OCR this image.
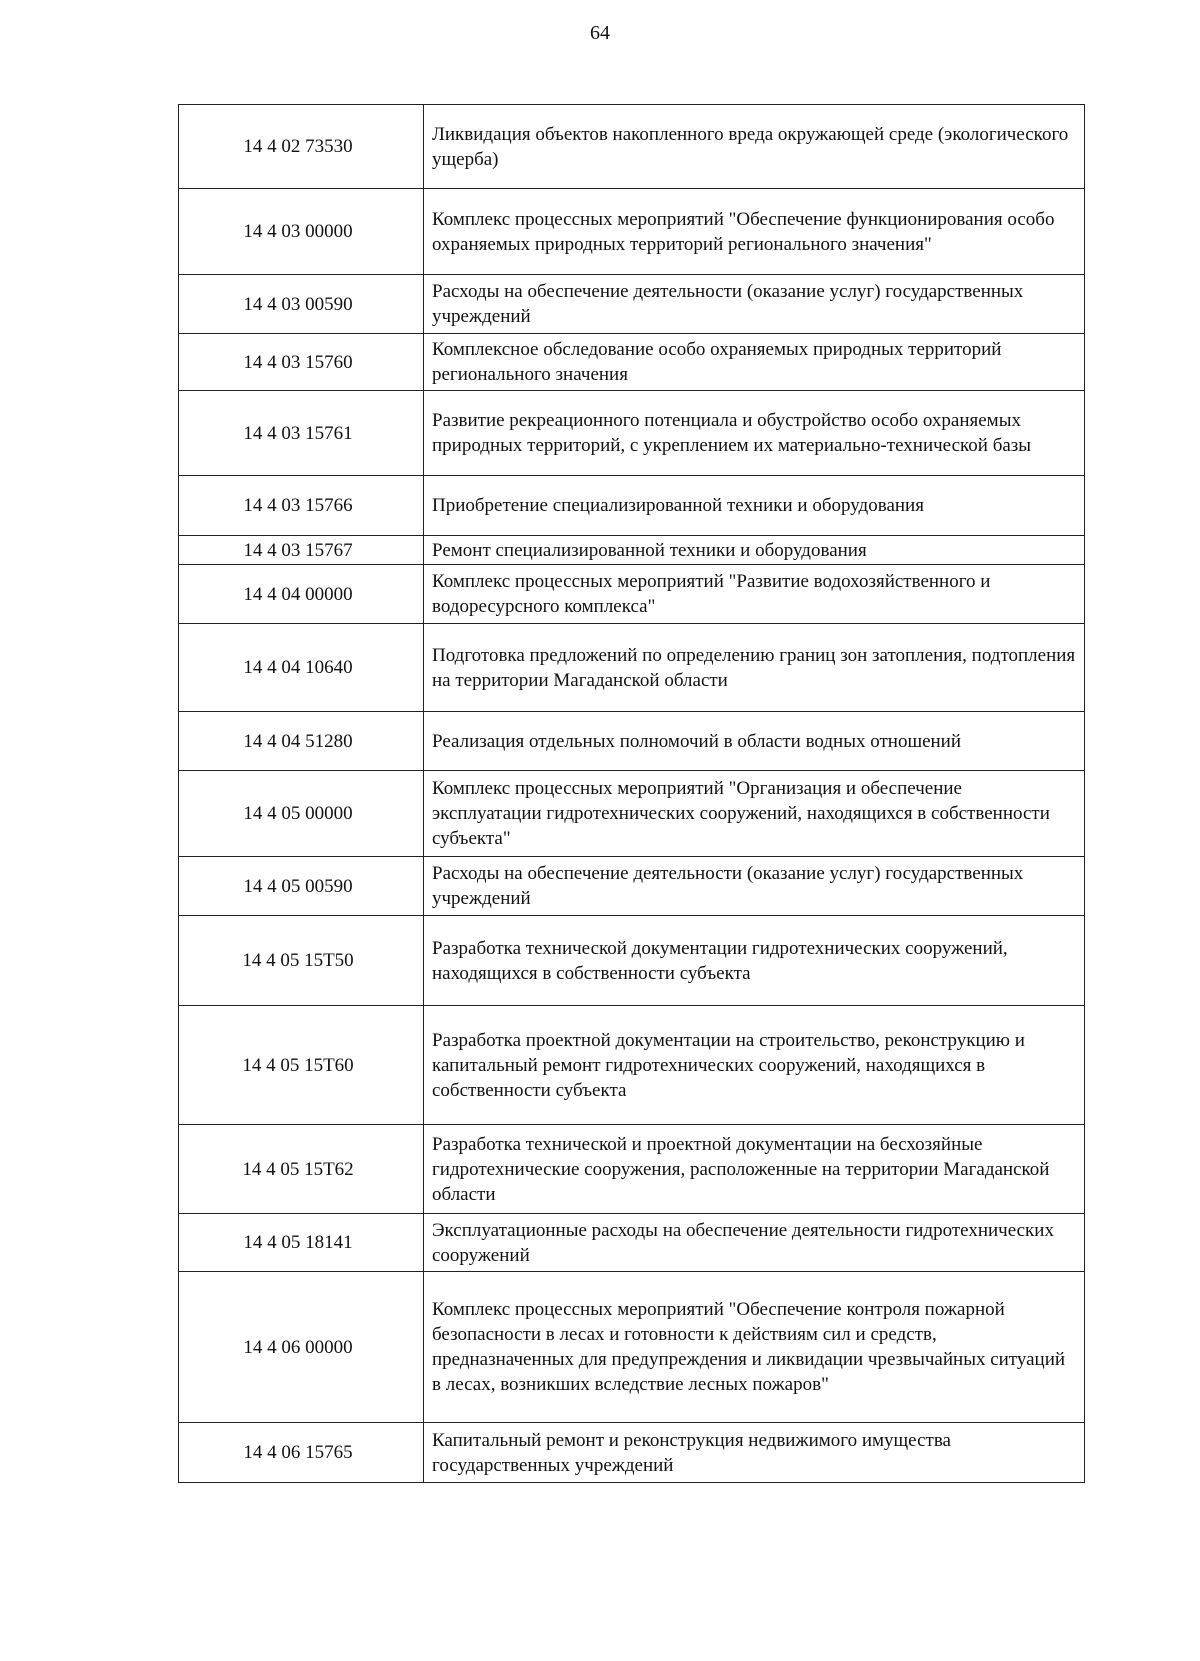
64
14 4 02 73530	Ликвидация объектов накопленного вреда окружающей среде (экологического ущерба)
14 4 03 00000	Комплекс процессных мероприятий "Обеспечение функционирования особо охраняемых природных территорий регионального значения"
14 4 03 00590	Расходы на обеспечение деятельности (оказание услуг) государственных учреждений
14 4 03 15760	Комплексное обследование особо охраняемых природных территорий регионального значения
14 4 03 15761	Развитие рекреационного потенциала и обустройство особо охраняемых природных территорий, с укреплением их материально-технической базы
14 4 03 15766	Приобретение специализированной техники и оборудования
14 4 03 15767	Ремонт специализированной техники и оборудования
14 4 04 00000	Комплекс процессных мероприятий "Развитие водохозяйственного и водоресурсного комплекса"
14 4 04 10640	Подготовка предложений по определению границ зон затопления, подтопления на территории Магаданской области
14 4 04 51280	Реализация отдельных полномочий в области водных отношений
14 4 05 00000	Комплекс процессных мероприятий "Организация и обеспечение эксплуатации гидротехнических сооружений, находящихся в собственности субъекта"
14 4 05 00590	Расходы на обеспечение деятельности (оказание услуг) государственных учреждений
14 4 05 15Т50	Разработка технической документации гидротехнических сооружений, находящихся в собственности субъекта
14 4 05 15Т60	Разработка проектной документации на строительство, реконструкцию и капитальный ремонт гидротехнических сооружений, находящихся в собственности субъекта
14 4 05 15Т62	Разработка технической и проектной документации на бесхозяйные гидротехнические сооружения, расположенные на территории Магаданской области
14 4 05 18141	Эксплуатационные расходы на обеспечение деятельности гидротехнических сооружений
14 4 06 00000	Комплекс процессных мероприятий "Обеспечение контроля пожарной безопасности в лесах и готовности к действиям сил и средств, предназначенных для предупреждения и ликвидации чрезвычайных ситуаций в лесах, возникших вследствие лесных пожаров"
14 4 06 15765	Капитальный ремонт и реконструкция недвижимого имущества государственных учреждений
